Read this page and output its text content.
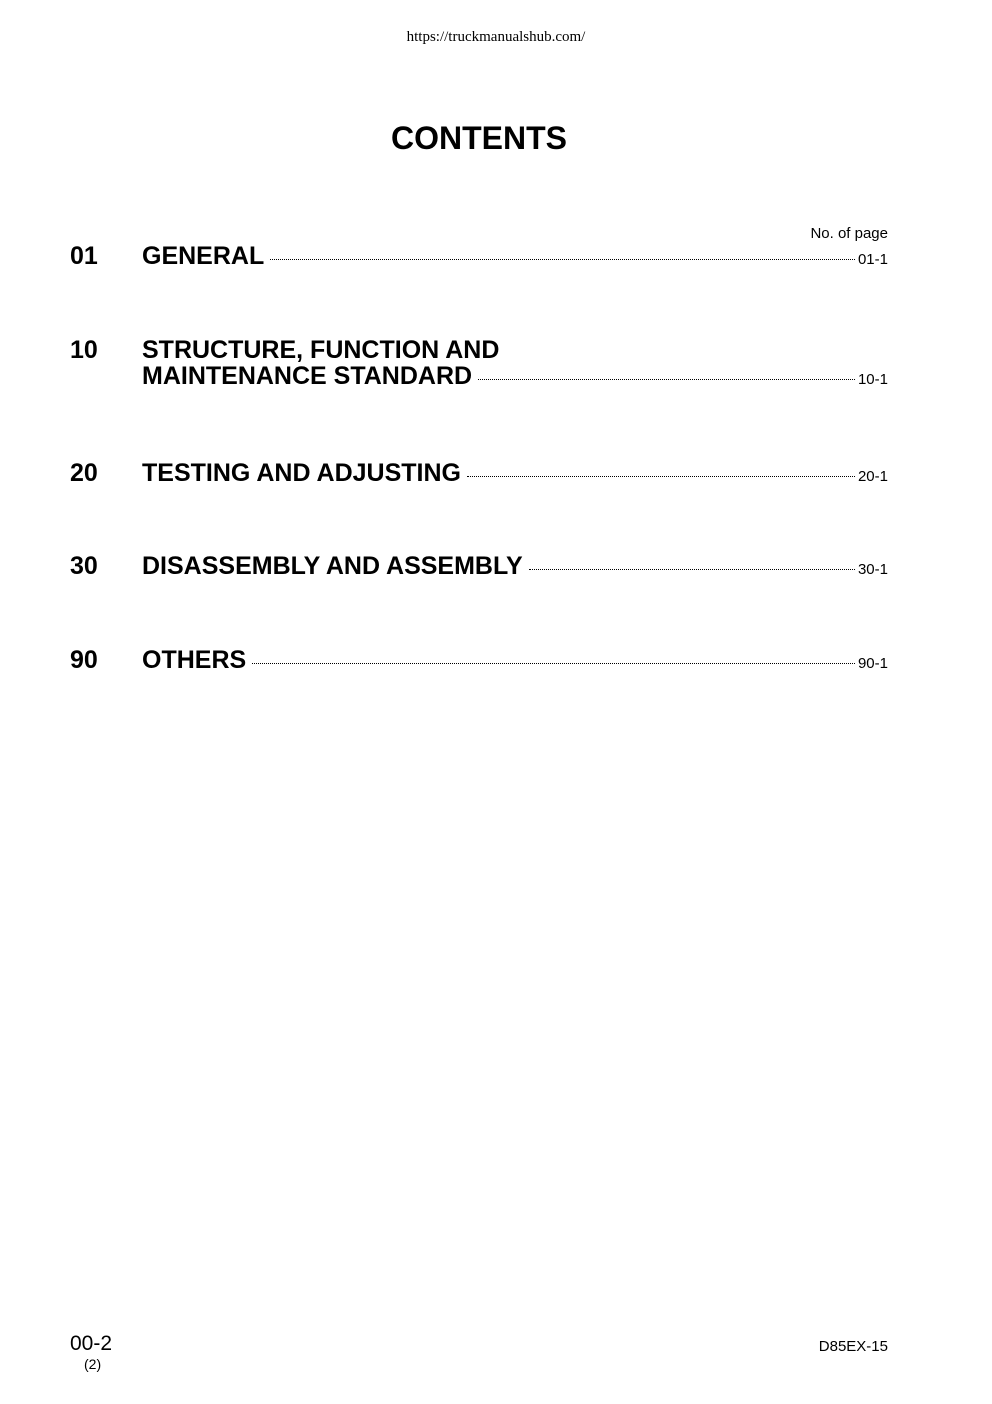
https://truckmanualshub.com/
CONTENTS
No. of page
01 GENERAL	01-1
10 STRUCTURE, FUNCTION AND
MAINTENANCE STANDARD	10-1
20 TESTING AND ADJUSTING	20-1
30 DISASSEMBLY AND ASSEMBLY	30-1
90 OTHERS	90-1
00-2
(2)
D85EX-15
